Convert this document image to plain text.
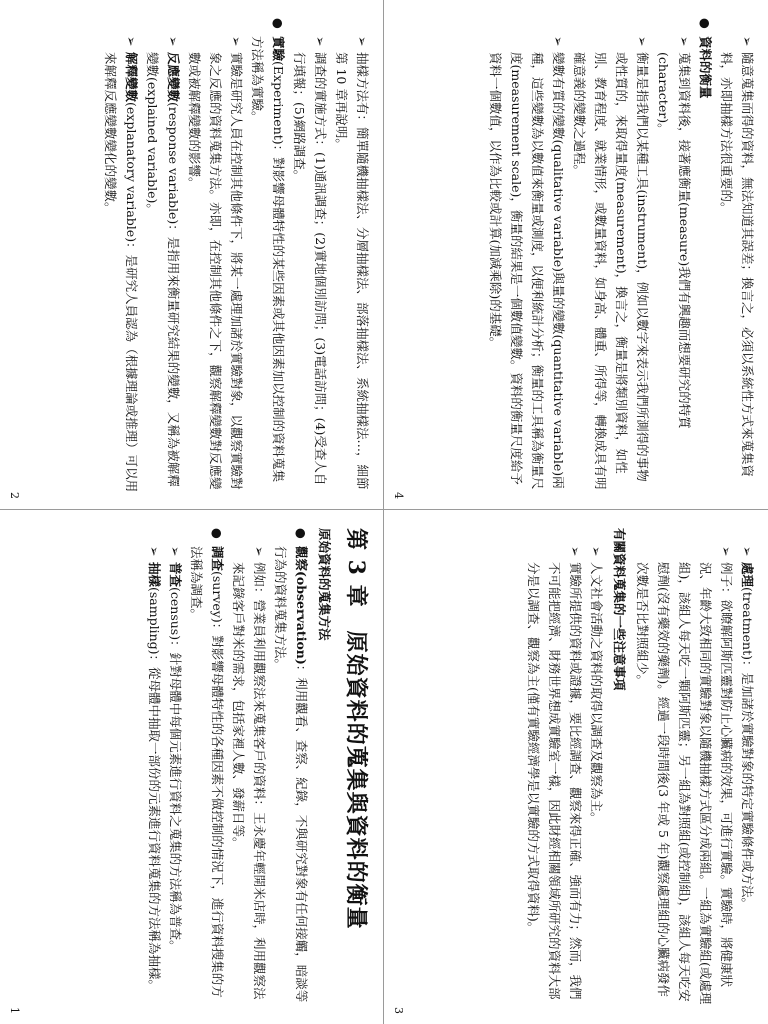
第 3 章　原始資料的蒐集與資料的衡量
原始資料的蒐集方法
●
觀察(observation)：利用觀看、查察、紀錄，不與研究對象有任何接觸，暗談等行為的資料蒐集方法。
➢
例如：營業員利用觀察法來蒐集客戶的資料：王永慶年輕開米店時，利用觀察法來記錄客戶對米的需求，包括家裡人數、發薪日等。
●
調查(survey)：對影響母體特性的各種因素不做控制的情況下，進行資料搜集的方法稱為調查。
➢
普查(census)：針對母體中每個元素進行資料之蒐集的方法稱為普查。
➢
抽樣(sampling)：從母體中抽取一部份的元素進行資料蒐集的方法稱為抽樣。
1
➢
抽樣方法有：簡單隨機抽樣法、分層抽樣法、部落抽樣法、系統抽樣法…，細節第 10 章再說明。
➢
調查的實施方式：(1)通訊調查；(2)實地個別訪問；(3)電話訪問；(4)受查人自行填報；(5)網路調查。
●
實驗(Experiment)：對影響母體特性的某些因素或其他因素加以控制的資料蒐集方法稱為實驗。
➢
實驗是研究人員在控制其他條件下，將某一處理加諸於實驗對象，以觀察實驗對象之反應的資料蒐集方法。亦即，在控制其他條件之下，觀察解釋變數對反應變數或被解釋變數的影響。
➢
反應變數(response variable)：是指用來衡量研究結果的變數，又稱為被解釋變數(explained variable)。
➢
解釋變數(explanatory variable)：是研究人員認為（根據理論或推理）可以用來解釋反應變數變化的變數。
2
➢
處理(treatment)：是加諸於實驗對象的特定實驗條件或方法。
➢
例子：欲瞭解阿斯匹靈對防止心臟病的效果，可進行實驗。實驗時，將健康狀況、年齡大致相同的實驗對象以隨機抽樣方式區分成兩組。一組為實驗組(或處理組)，該組人每天吃一顆阿斯匹靈；另一組為對照組(或控制組)，該組人每天吃安慰劑(沒有藥效的藥劑)。經過一段時間後(3 年或 5 年)觀察處理組的心臟病發作次數是否比對照組少。
有關資料蒐集的一些注意事項
➢
人文社會活動之資料的取得以調查及觀察為主。
➢
實驗所提供的資料或證據，要比經調查、觀察來得正確、強而有力；然而，我們不可能把經濟、財務世界想成實驗室一樣，因此財經相關領域所研究的資料大部分是以調查、觀察為主(僅有實驗經濟學是以實驗的方式取得資料)。
3
➢
隨意蒐集而得的資料，無法知道其誤差；換言之，必須以系統性方式來蒐集資料，亦即抽樣方法很重要的。
●
資料的衡量
➢
蒐集到資料後，接著應衡量(measure)我們有興趣而想要研究的特質(character)。
➢
衡量是指我們以某種工具(instrument)，例如以數字來表示我們所測得的事物或性質的，來取得量度(measurement)，換言之，衡量是將類別資料，如性別、教育程度、就業情形，或數量資料，如身高、體重、所得等，轉換成具有明確意義的變數之過程。
➢
變數有質的變數(qualitative variable)與量的變數(quantitative variable)兩種，這些變數為以數值來衡量或測度，以便利統計分析；衡量的工具稱為衡量尺度(measurement scale)，衡量的結果是一個數值變數。資料的衡量尺度給予資料一個數值，以作為比較或計算(加減乘除)的基礎。
4
